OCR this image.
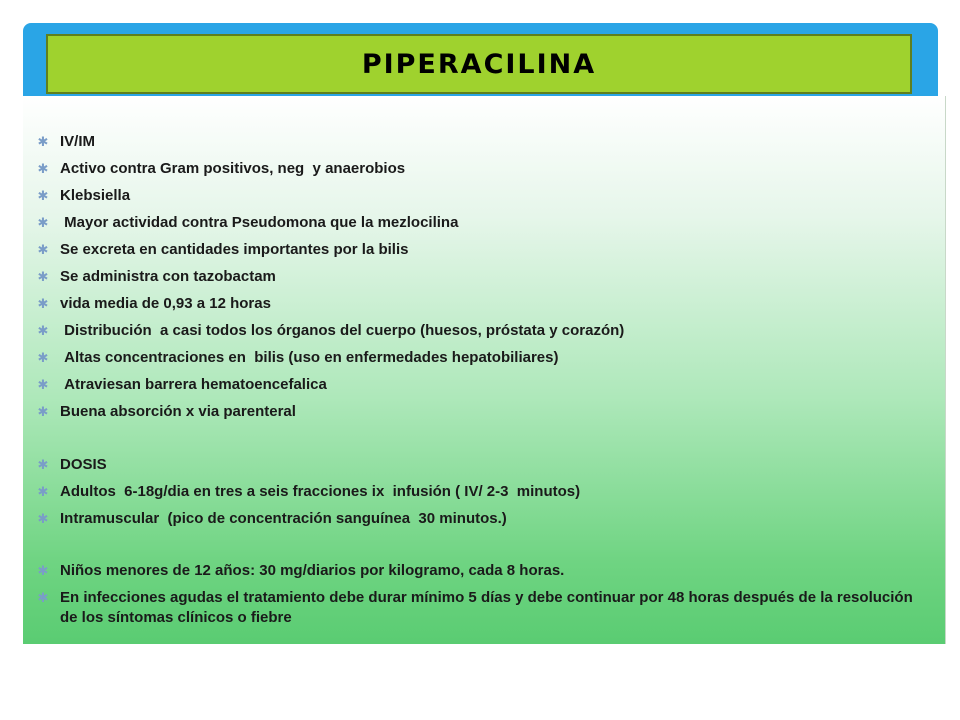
piperacilina
✱ IV/IM
✱ Activo contra Gram positivos, neg  y anaerobios
✱ Klebsiella
✱ Mayor actividad contra Pseudomona que la mezlocilina
✱ Se excreta en cantidades importantes por la bilis
✱ Se administra con tazobactam
✱ vida media de 0,93 a 12 horas
✱ Distribución  a casi todos los órganos del cuerpo (huesos, próstata y corazón)
✱ Altas concentraciones en  bilis (uso en enfermedades hepatobiliares)
✱ Atraviesan barrera hematoencefalica
✱ Buena absorción x via parenteral
✱ DOSIS
✱ Adultos  6-18g/dia en tres a seis fracciones ix  infusión ( IV/ 2-3  minutos)
✱ Intramuscular  (pico de concentración sanguínea  30 minutos.)
✱ Niños menores de 12 años: 30 mg/diarios por kilogramo, cada 8 horas.
✱ En infecciones agudas el tratamiento debe durar mínimo 5 días y debe continuar por 48 horas después de la resolución de los síntomas clínicos o fiebre
